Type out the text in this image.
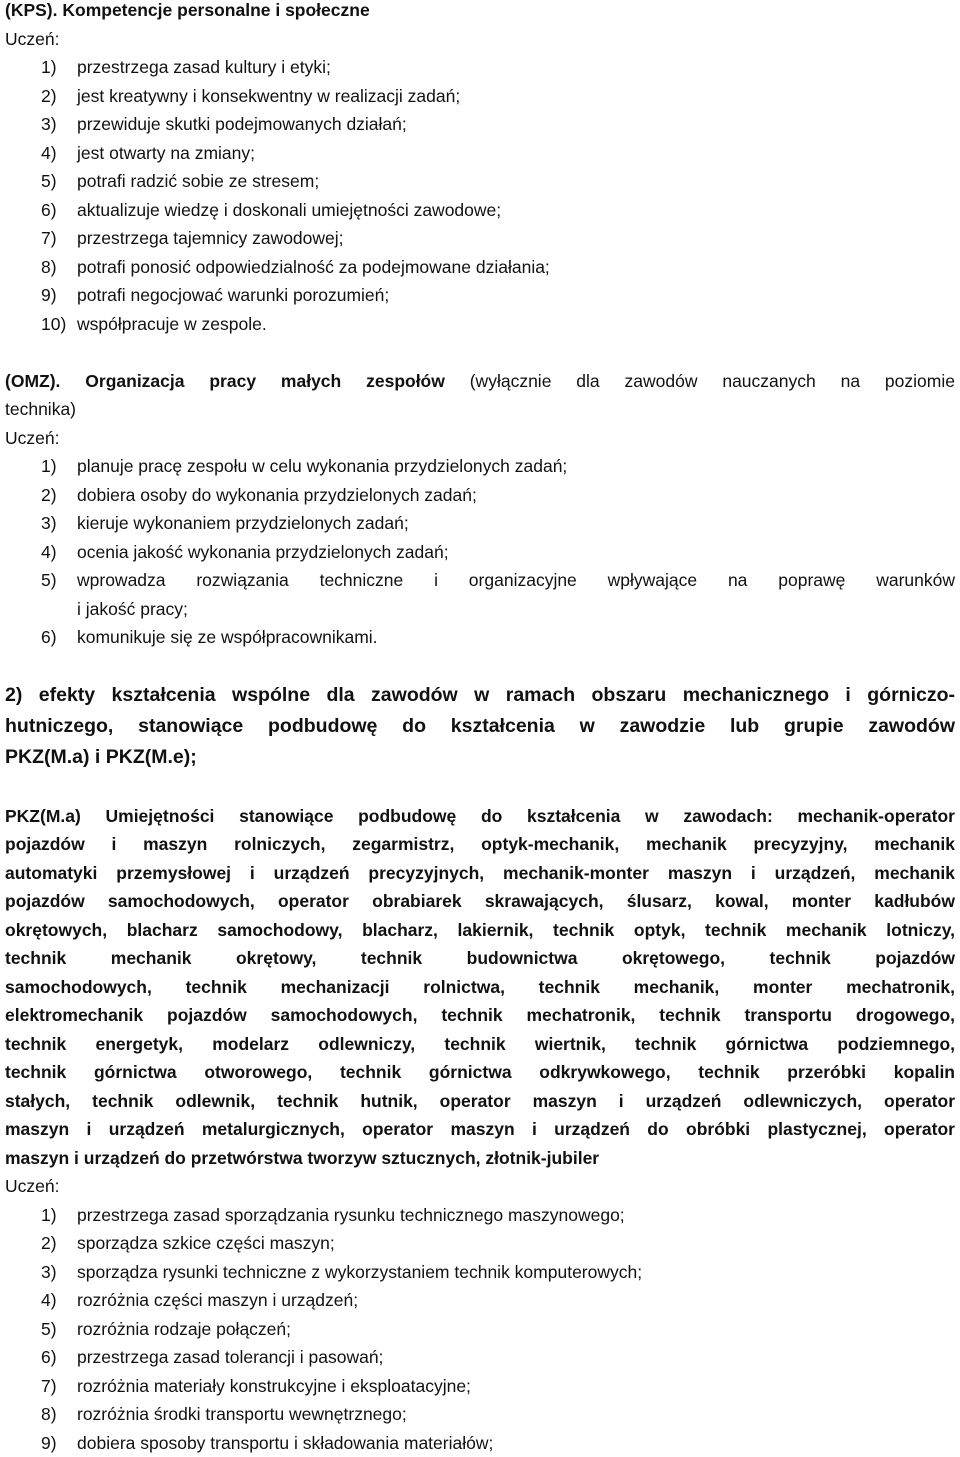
(KPS). Kompetencje personalne i społeczne
Uczeń:
1)	przestrzega zasad kultury i etyki;
2)	jest kreatywny i konsekwentny w realizacji zadań;
3)	przewiduje skutki podejmowanych działań;
4)	jest otwarty na zmiany;
5)	potrafi radzić sobie ze stresem;
6)	aktualizuje wiedzę i doskonali umiejętności zawodowe;
7)	przestrzega tajemnicy zawodowej;
8)	potrafi ponosić odpowiedzialność za podejmowane działania;
9)	potrafi negocjować warunki porozumień;
10) współpracuje w zespole.
(OMZ). Organizacja pracy małych zespołów (wyłącznie dla zawodów nauczanych na poziomie
technika)
Uczeń:
1)	planuje pracę zespołu w celu wykonania przydzielonych zadań;
2)	dobiera osoby do wykonania przydzielonych zadań;
3)	kieruje wykonaniem przydzielonych zadań;
4)	ocenia jakość wykonania przydzielonych zadań;
5)	wprowadza rozwiązania techniczne i organizacyjne wpływające na poprawę warunków
i jakość pracy;
6)	komunikuje się ze współpracownikami.
2) efekty kształcenia wspólne dla zawodów w ramach obszaru mechanicznego i górniczo-
hutniczego, stanowiące podbudowę do kształcenia w zawodzie lub grupie zawodów
PKZ(M.a) i PKZ(M.e);
PKZ(M.a) Umiejętności stanowiące podbudowę do kształcenia w zawodach: mechanik-operator
pojazdów i maszyn rolniczych, zegarmistrz, optyk-mechanik, mechanik precyzyjny, mechanik
automatyki przemysłowej i urządzeń precyzyjnych, mechanik-monter maszyn i urządzeń, mechanik
pojazdów samochodowych, operator obrabiarek skrawających, ślusarz, kowal, monter kadłubów
okrętowych, blacharz samochodowy, blacharz, lakiernik, technik optyk, technik mechanik lotniczy,
technik mechanik okrętowy, technik budownictwa okrętowego, technik pojazdów
samochodowych, technik mechanizacji rolnictwa, technik mechanik, monter mechatronik,
elektromechanik pojazdów samochodowych, technik mechatronik, technik transportu drogowego,
technik energetyk, modelarz odlewniczy, technik wiertnik, technik górnictwa podziemnego,
technik górnictwa otworowego, technik górnictwa odkrywkowego, technik przeróbki kopalin
stałych, technik odlewnik, technik hutnik, operator maszyn i urządzeń odlewniczych, operator
maszyn i urządzeń metalurgicznych, operator maszyn i urządzeń do obróbki plastycznej, operator
maszyn i urządzeń do przetwórstwa tworzyw sztucznych, złotnik-jubiler
Uczeń:
1)	przestrzega zasad sporządzania rysunku technicznego maszynowego;
2)	sporządza szkice części maszyn;
3)	sporządza rysunki techniczne z wykorzystaniem technik komputerowych;
4)	rozróżnia części maszyn i urządzeń;
5)	rozróżnia rodzaje połączeń;
6)	przestrzega zasad tolerancji i pasowań;
7)	rozróżnia materiały konstrukcyjne i eksploatacyjne;
8)	rozróżnia środki transportu wewnętrznego;
9)	dobiera sposoby transportu i składowania materiałów;
